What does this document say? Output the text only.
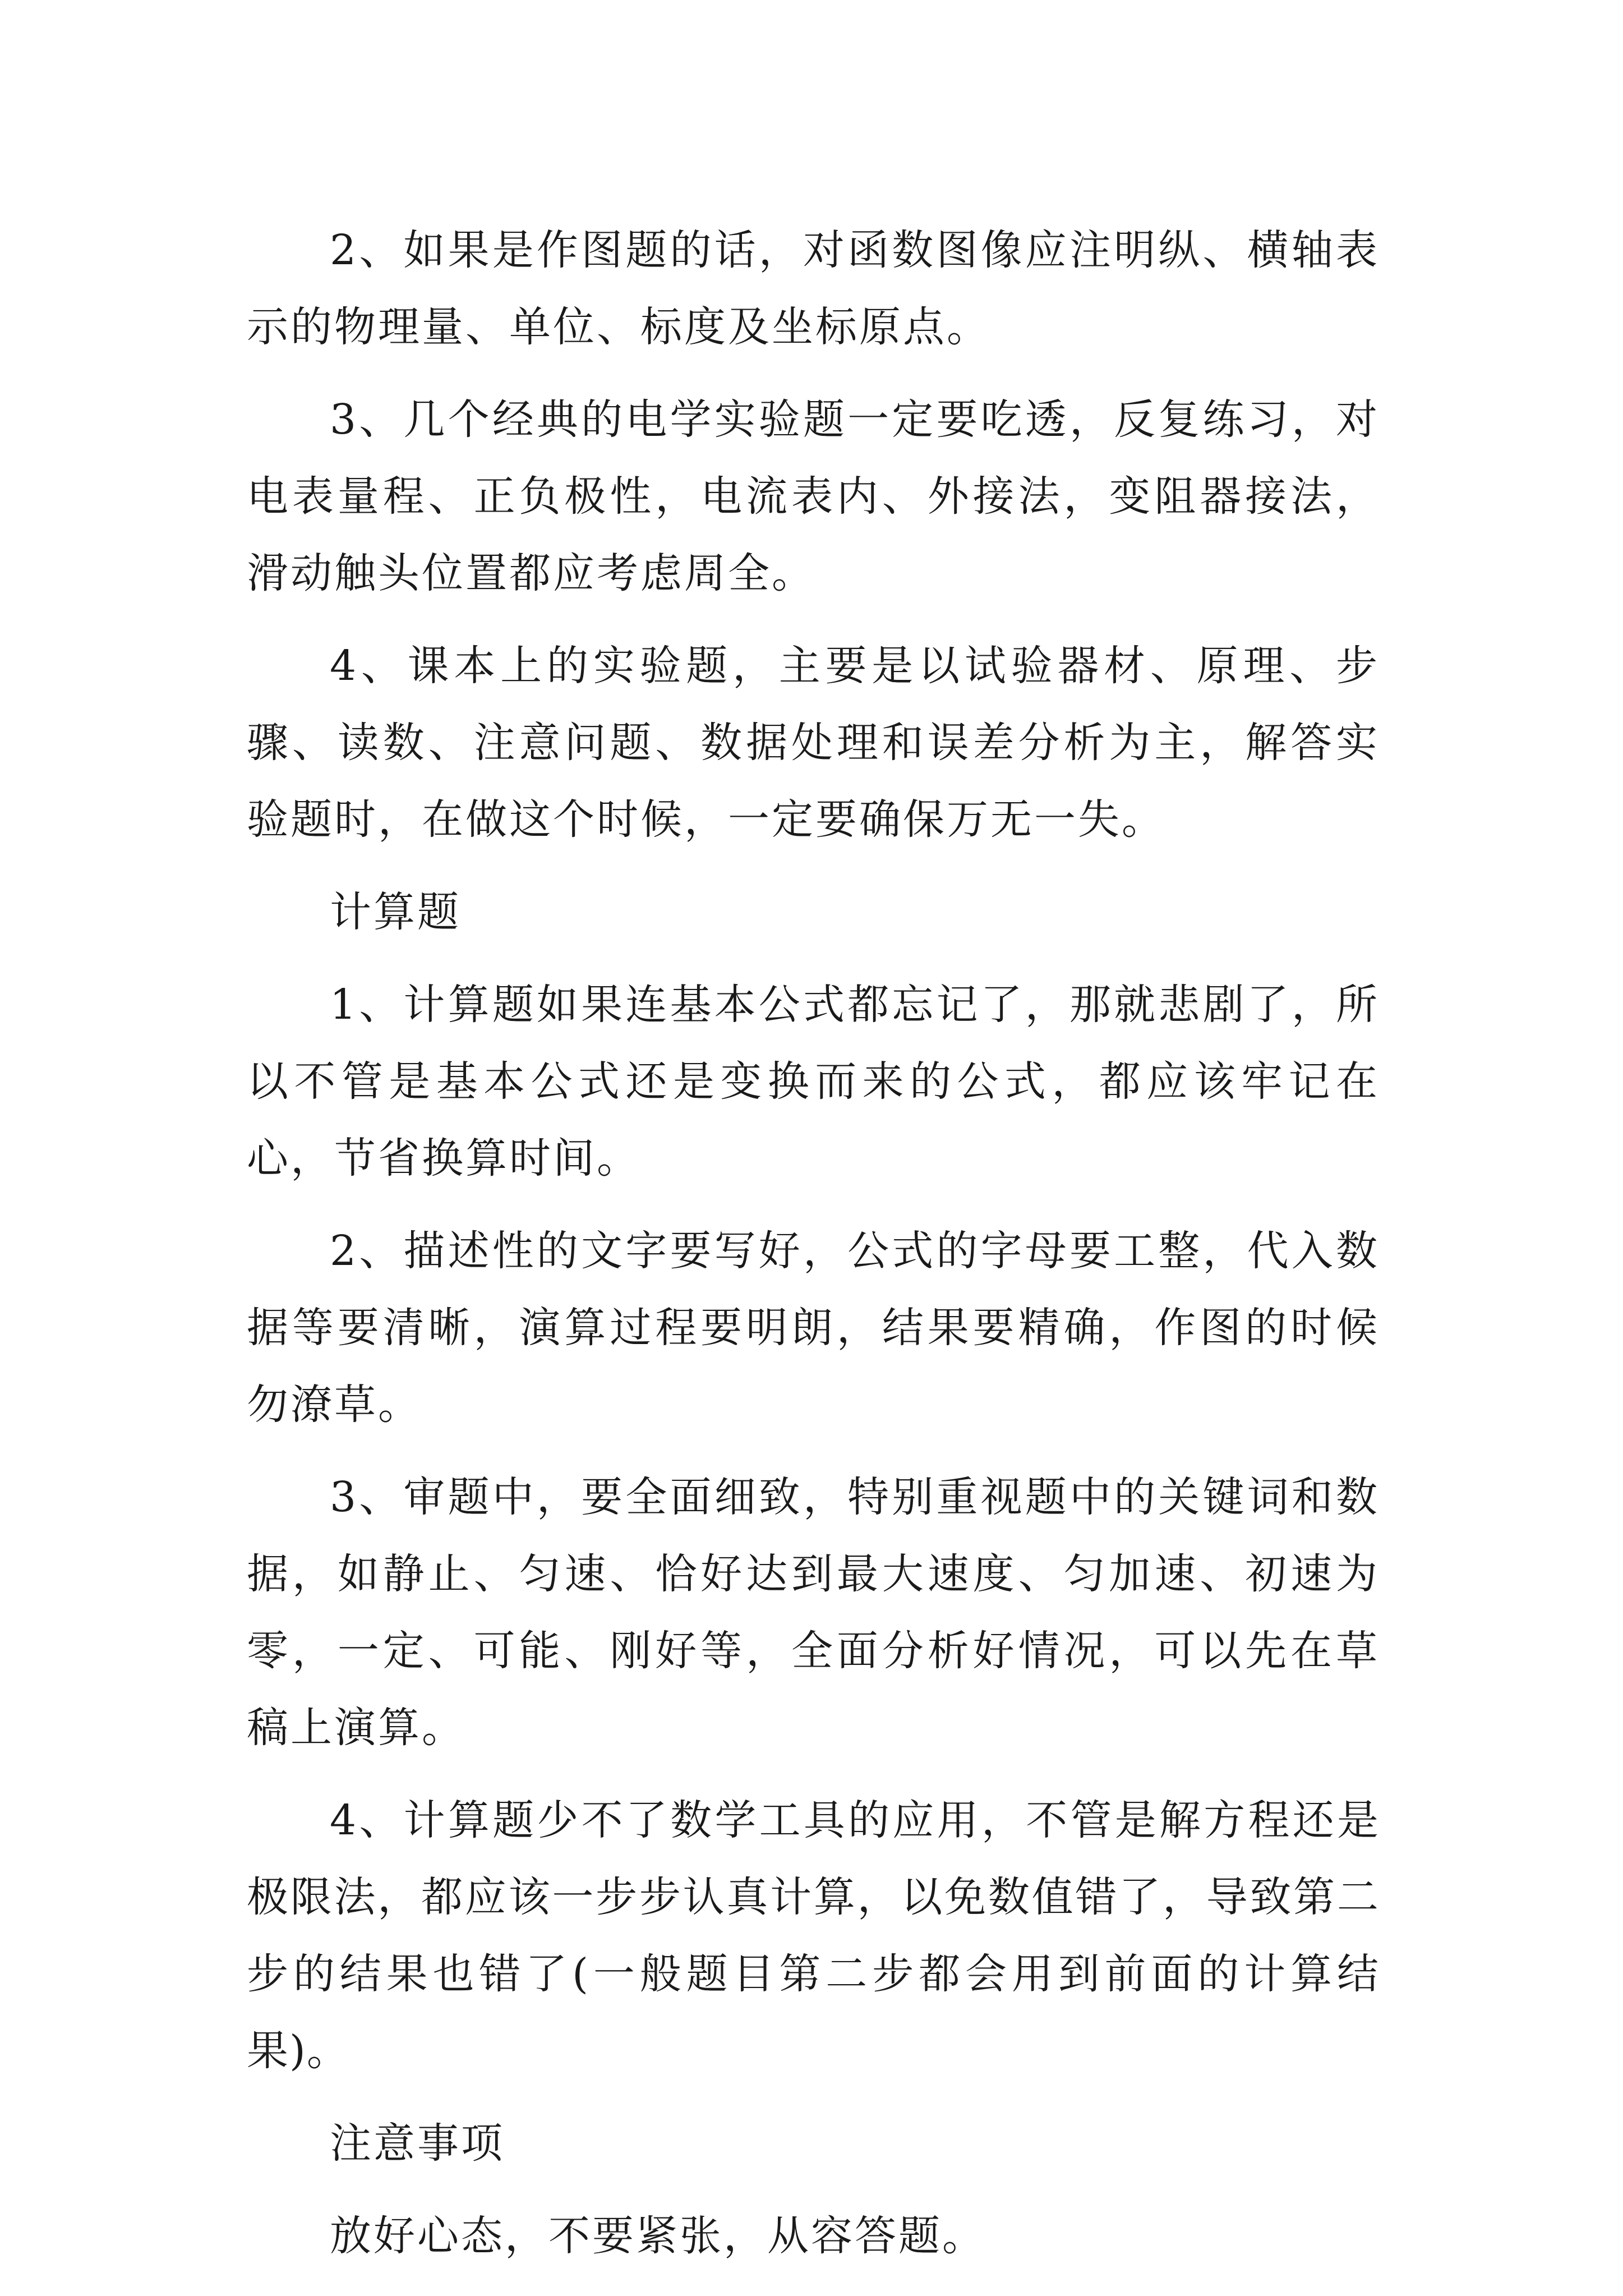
2、如果是作图题的话，对函数图像应注明纵、横轴表示的物理量、单位、标度及坐标原点。

3、几个经典的电学实验题一定要吃透，反复练习，对电表量程、正负极性，电流表内、外接法，变阻器接法，滑动触头位置都应考虑周全。

4、课本上的实验题，主要是以试验器材、原理、步骤、读数、注意问题、数据处理和误差分析为主，解答实验题时，在做这个时候，一定要确保万无一失。

计算题

1、计算题如果连基本公式都忘记了，那就悲剧了，所以不管是基本公式还是变换而来的公式，都应该牢记在心，节省换算时间。

2、描述性的文字要写好，公式的字母要工整，代入数据等要清晰，演算过程要明朗，结果要精确，作图的时候勿潦草。

3、审题中，要全面细致，特别重视题中的关键词和数据，如静止、匀速、恰好达到最大速度、匀加速、初速为零，一定、可能、刚好等，全面分析好情况，可以先在草稿上演算。

4、计算题少不了数学工具的应用，不管是解方程还是极限法，都应该一步步认真计算，以免数值错了，导致第二步的结果也错了(一般题目第二步都会用到前面的计算结果)。

注意事项

放好心态，不要紧张，从容答题。
